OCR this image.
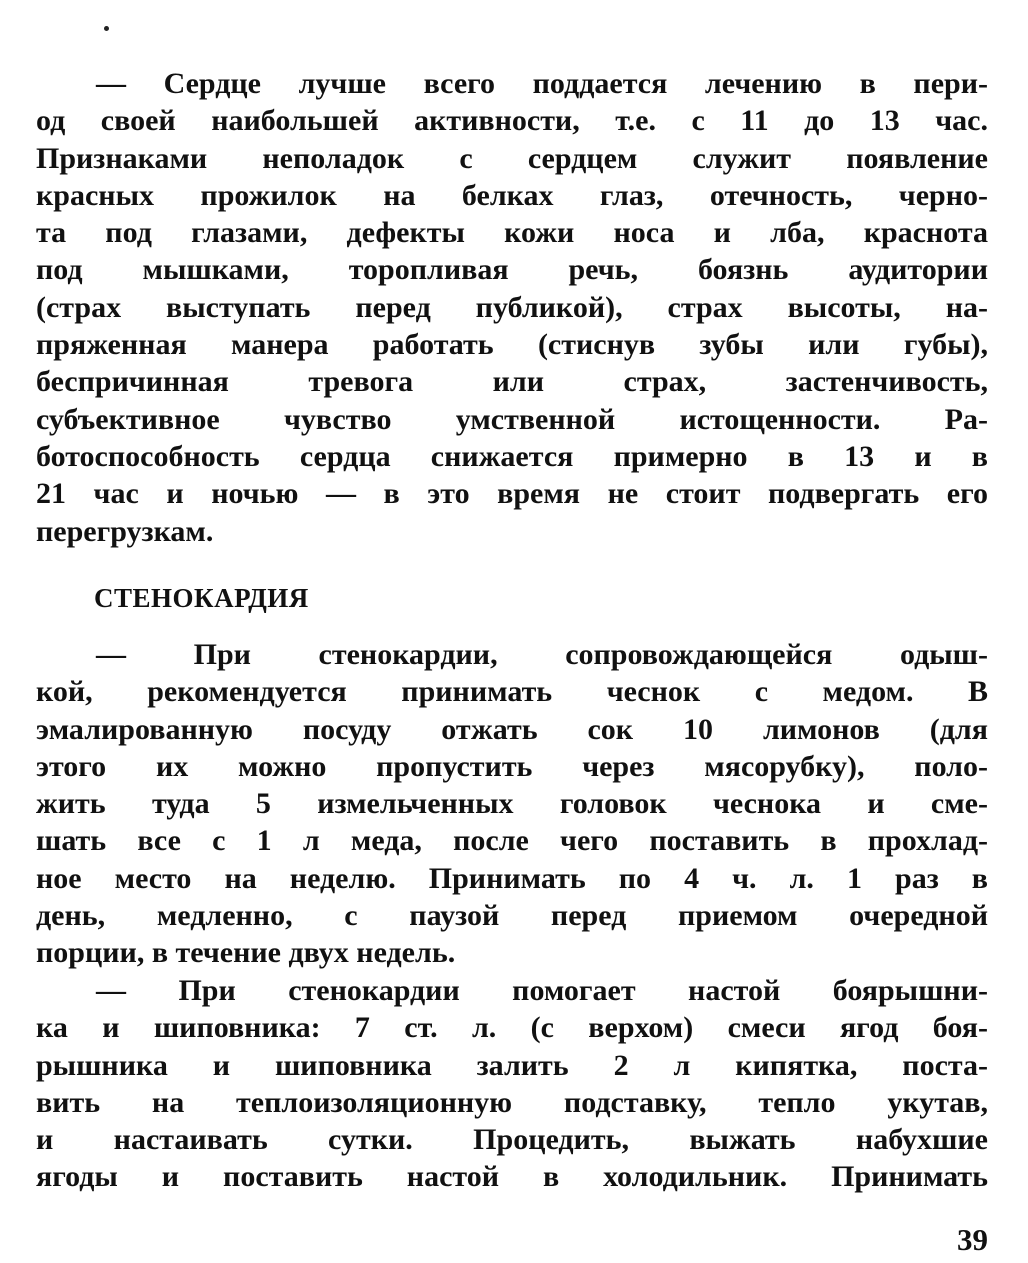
— Сердце лучше всего поддается лечению в пери-
од своей наибольшей активности, т.е. с 11 до 13 час.
Признаками неполадок с сердцем служит появление
красных прожилок на белках глаз, отечность, черно-
та под глазами, дефекты кожи носа и лба, краснота
под мышками, торопливая речь, боязнь аудитории
(страх выступать перед публикой), страх высоты, на-
пряженная манера работать (стиснув зубы или губы),
беспричинная тревога или страх, застенчивость,
субъективное чувство умственной истощенности. Ра-
ботоспособность сердца снижается примерно в 13 и в
21 час и ночью — в это время не стоит подвергать его
перегрузкам.
СТЕНОКАРДИЯ
— При стенокардии, сопровождающейся одыш-
кой, рекомендуется принимать чеснок с медом. В
эмалированную посуду отжать сок 10 лимонов (для
этого их можно пропустить через мясорубку), поло-
жить туда 5 измельченных головок чеснока и сме-
шать все с 1 л меда, после чего поставить в прохлад-
ное место на неделю. Принимать по 4 ч. л. 1 раз в
день, медленно, с паузой перед приемом очередной
порции, в течение двух недель.
— При стенокардии помогает настой боярышни-
ка и шиповника: 7 ст. л. (с верхом) смеси ягод боя-
рышника и шиповника залить 2 л кипятка, поста-
вить на теплоизоляционную подставку, тепло укутав,
и настаивать сутки. Процедить, выжать набухшие
ягоды и поставить настой в холодильник. Принимать
39
